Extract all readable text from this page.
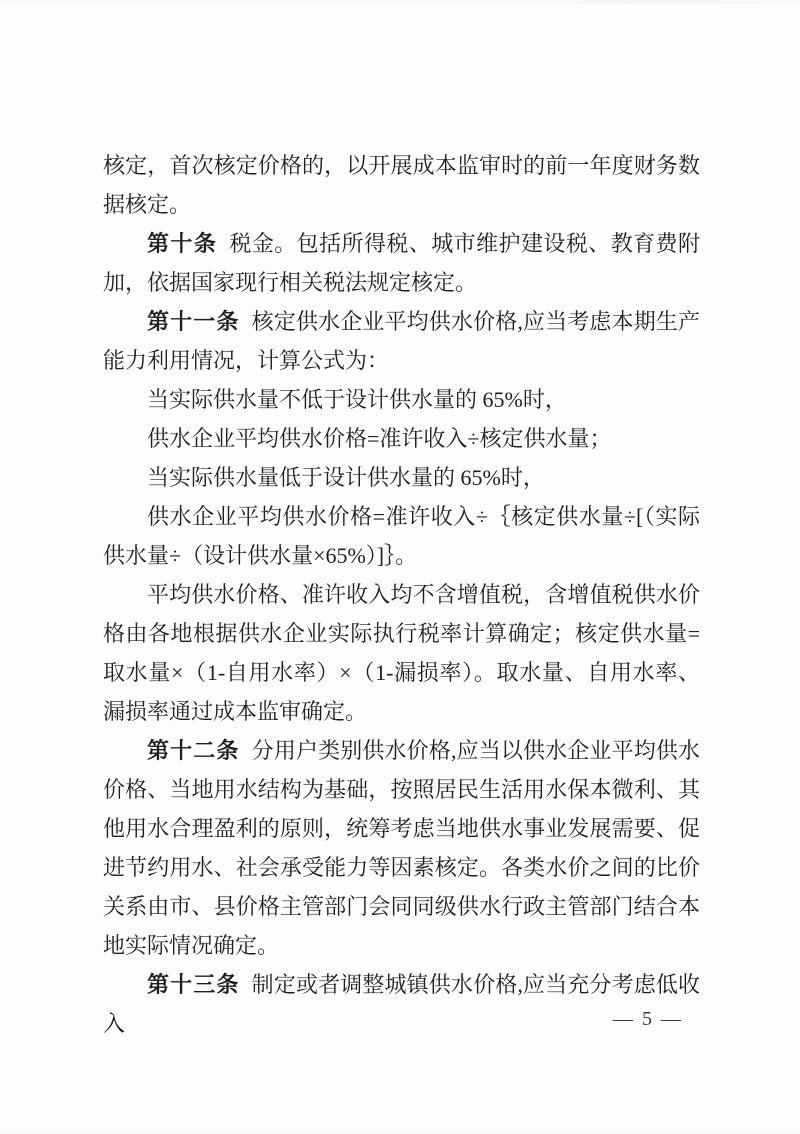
核定，首次核定价格的，以开展成本监审时的前一年度财务数据核定。

第十条 税金。包括所得税、城市维护建设税、教育费附加，依据国家现行相关税法规定核定。

第十一条 核定供水企业平均供水价格,应当考虑本期生产能力利用情况，计算公式为：

当实际供水量不低于设计供水量的 65%时，

供水企业平均供水价格=准许收入÷核定供水量；

当实际供水量低于设计供水量的 65%时，

供水企业平均供水价格=准许收入÷｛核定供水量÷[（实际供水量÷（设计供水量×65%）]｝。

平均供水价格、准许收入均不含增值税，含增值税供水价格由各地根据供水企业实际执行税率计算确定；核定供水量=取水量×（1-自用水率）×（1-漏损率）。取水量、自用水率、漏损率通过成本监审确定。

第十二条 分用户类别供水价格,应当以供水企业平均供水价格、当地用水结构为基础，按照居民生活用水保本微利、其他用水合理盈利的原则，统筹考虑当地供水事业发展需要、促进节约用水、社会承受能力等因素核定。各类水价之间的比价关系由市、县价格主管部门会同同级供水行政主管部门结合本地实际情况确定。

第十三条 制定或者调整城镇供水价格,应当充分考虑低收入	— 5 —
